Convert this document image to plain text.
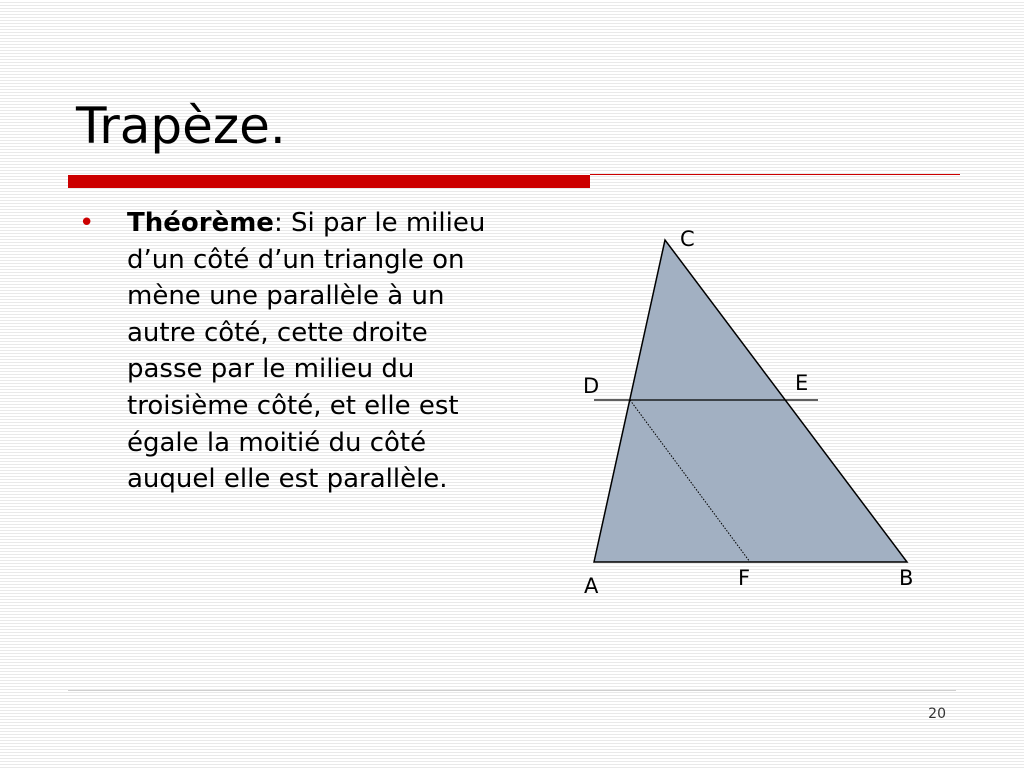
Trapèze.
• Théorème: Si par le milieu d’un côté d’un triangle on mène une parallèle à un autre côté, cette droite passe par le milieu du troisième côté, et elle est égale la moitié du côté auquel elle est parallèle.
C
D	E
F	B
A
20
